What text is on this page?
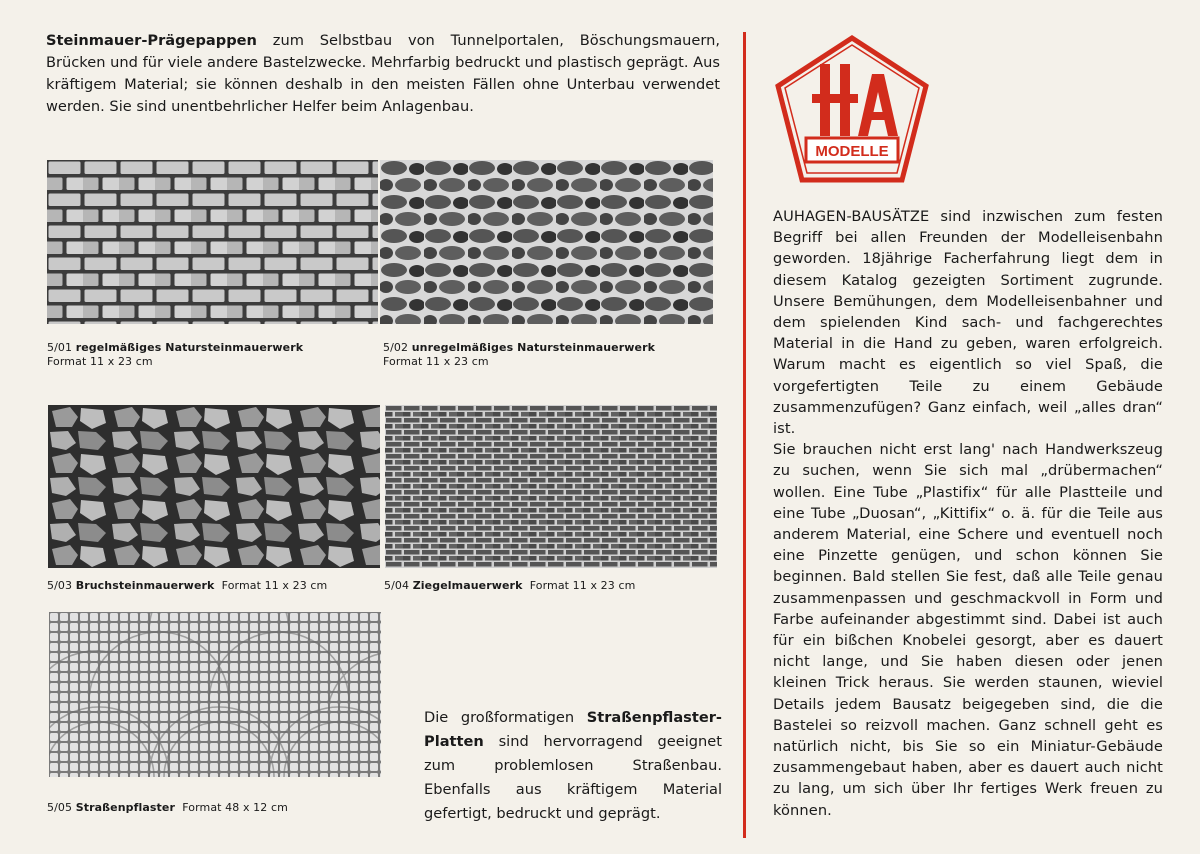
Steinmauer-Prägepappen zum Selbstbau von Tunnelportalen, Böschungsmauern, Brücken und für viele andere Bastelzwecke. Mehrfarbig bedruckt und plastisch geprägt. Aus kräftigem Material; sie können deshalb in den meisten Fällen ohne Unterbau verwendet werden. Sie sind unentbehrlicher Helfer beim Anlagenbau.

5/01 regelmäßiges Natursteinmauerwerk
Format 11 x 23 cm

5/02 unregelmäßiges Natursteinmauerwerk
Format 11 x 23 cm

5/03 Bruchsteinmauerwerk Format 11 x 23 cm	5/04 Ziegelmauerwerk Format 11 x 23 cm

5/05 Straßenpflaster Format 48 x 12 cm

Die großformatigen Straßenpflaster-Platten sind hervorragend geeignet zum problemlosen Straßenbau. Ebenfalls aus kräftigem Material gefertigt, bedruckt und geprägt.

MODELLE

AUHAGEN-BAUSÄTZE sind inzwischen zum festen Begriff bei allen Freunden der Modelleisenbahn geworden. 18jährige Facherfahrung liegt dem in diesem Katalog gezeigten Sortiment zugrunde. Unsere Bemühungen, dem Modelleisenbahner und dem spielenden Kind sach- und fachgerechtes Material in die Hand zu geben, waren erfolgreich. Warum macht es eigentlich so viel Spaß, die vorgefertigten Teile zu einem Gebäude zusammenzufügen? Ganz einfach, weil „alles dran“ ist.
Sie brauchen nicht erst lang' nach Handwerkszeug zu suchen, wenn Sie sich mal „drübermachen“ wollen. Eine Tube „Plastifix“ für alle Plastteile und eine Tube „Duosan“, „Kittifix“ o. ä. für die Teile aus anderem Material, eine Schere und eventuell noch eine Pinzette genügen, und schon können Sie beginnen. Bald stellen Sie fest, daß alle Teile genau zusammenpassen und geschmackvoll in Form und Farbe aufeinander abgestimmt sind. Dabei ist auch für ein bißchen Knobelei gesorgt, aber es dauert nicht lange, und Sie haben diesen oder jenen kleinen Trick heraus. Sie werden staunen, wieviel Details jedem Bausatz beigegeben sind, die die Bastelei so reizvoll machen. Ganz schnell geht es natürlich nicht, bis Sie so ein Miniatur-Gebäude zusammengebaut haben, aber es dauert auch nicht zu lang, um sich über Ihr fertiges Werk freuen zu können.
